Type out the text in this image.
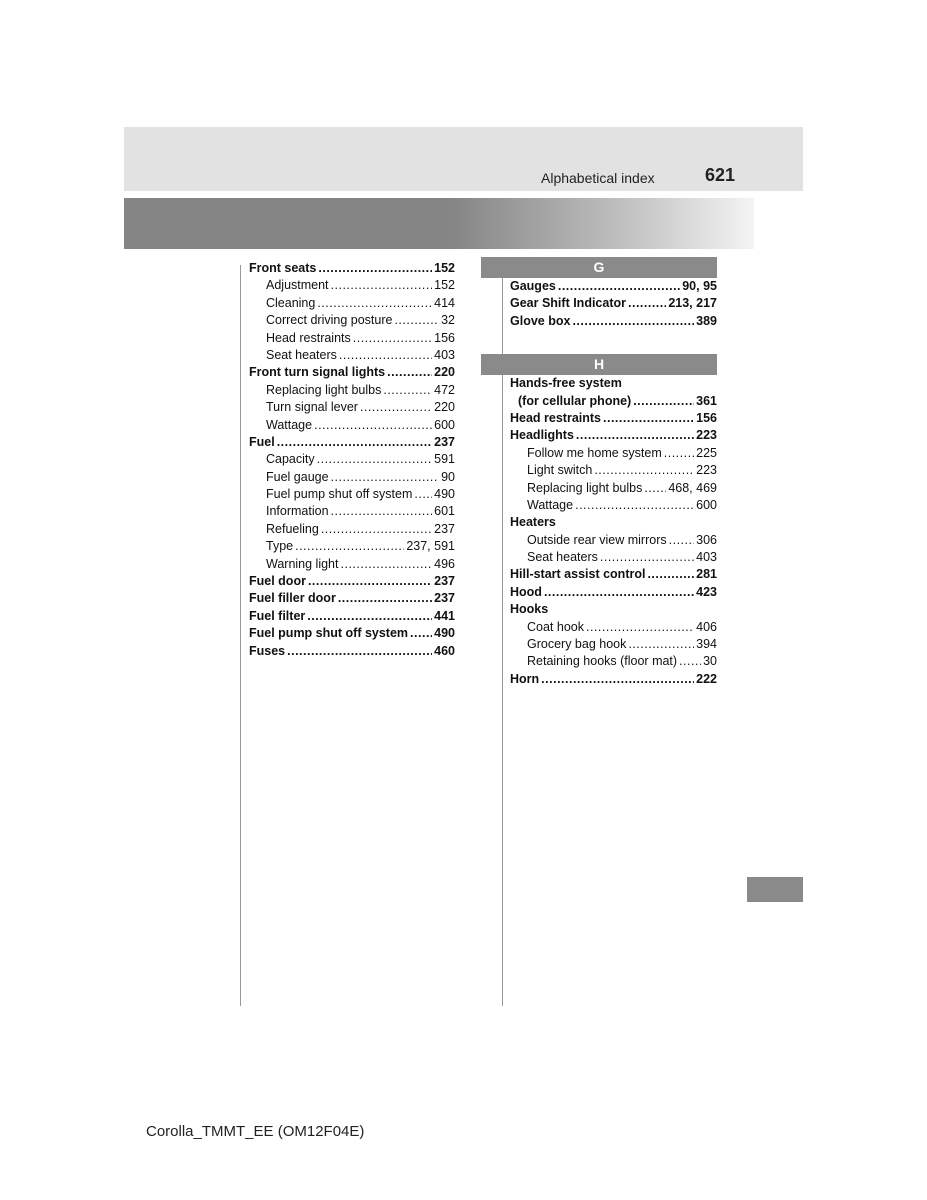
Alphabetical index	621
Front seats .....	152
Adjustment .....	152
Cleaning .....	414
Correct driving posture .....	32
Head restraints .....	156
Seat heaters .....	403
Front turn signal lights .....	220
Replacing light bulbs .....	472
Turn signal lever .....	220
Wattage .....	600
Fuel .....	237
Capacity .....	591
Fuel gauge .....	90
Fuel pump shut off system ..... 490
Information .....	601
Refueling .....	237
Type .....	237, 591
Warning light .....	496
Fuel door .....	237
Fuel filler door .....	237
Fuel filter .....	441
Fuel pump shut off system ..... 490
Fuses .....	460
G
Gauges .....	90, 95
Gear Shift Indicator .....	213, 217
Glove box .....	389
H
Hands-free system
(for cellular phone) .....	361
Head restraints .....	156
Headlights .....	223
Follow me home system .....	225
Light switch .....	223
Replacing light bulbs ..... 468, 469
Wattage .....	600
Heaters
Outside rear view mirrors ..... 306
Seat heaters .....	403
Hill-start assist control .....	281
Hood .....	423
Hooks
Coat hook .....	406
Grocery bag hook .....	394
Retaining hooks (floor mat) ..... 30
Horn .....	222
Corolla_TMMT_EE (OM12F04E)
